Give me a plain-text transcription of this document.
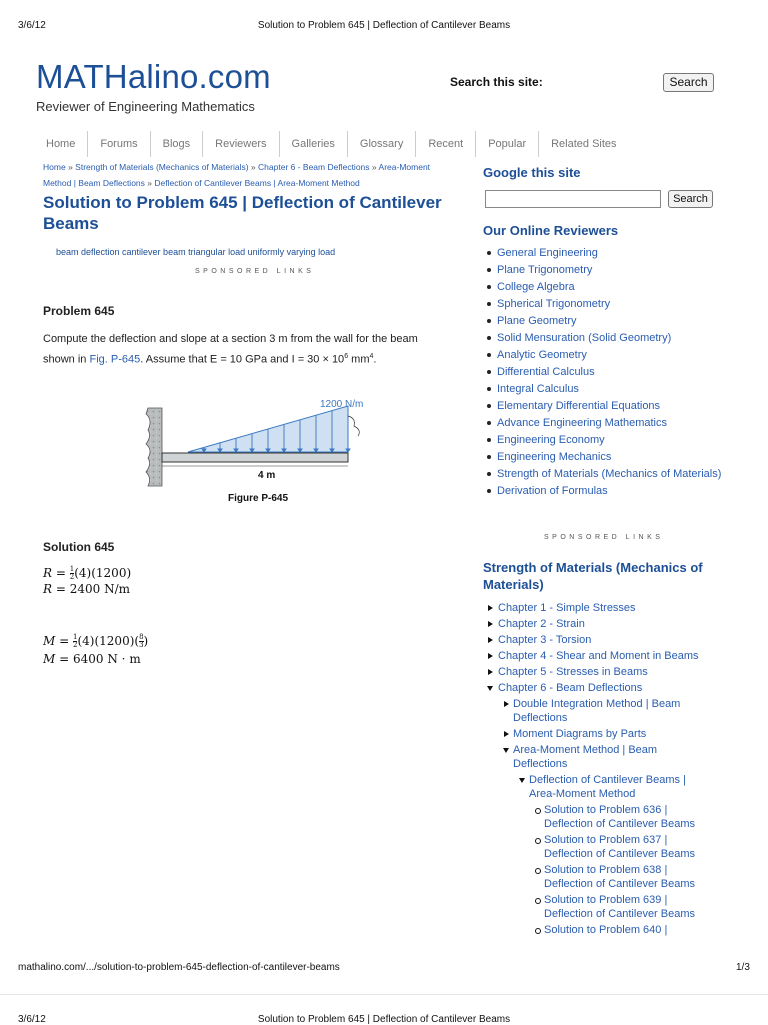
3/6/12	Solution to Problem 645 | Deflection of Cantilever Beams
MATHalino.com
Reviewer of Engineering Mathematics
Search this site:	Search
Home	Forums	Blogs	Reviewers	Galleries	Glossary	Recent	Popular	Related Sites
Home » Strength of Materials (Mechanics of Materials) » Chapter 6 - Beam Deflections » Area-Moment Method | Beam Deflections » Deflection of Cantilever Beams | Area-Moment Method
Solution to Problem 645 | Deflection of Cantilever Beams
beam deflection cantilever beam triangular load uniformly varying load
SPONSORED LINKS
Problem 645
Compute the deflection and slope at a section 3 m from the wall for the beam shown in Fig. P-645. Assume that E = 10 GPa and $I = 30 \times 10^6$ $mm^4$.
1200 N/m
4 m
Figure P-645
Solution 645
$R = \frac{1}{2} (4)(1200)$
R = 2400 N/m
$M = \frac{1}{2} (4)(1200)( \frac{8}{3}$ )
M = 6400 N · m
Google this site
Search
Our Online Reviewers
General Engineering
Plane Trigonometry
College Algebra
Spherical Trigonometry
Plane Geometry
Solid Mensuration (Solid Geometry)
Analytic Geometry
Differential Calculus
Integral Calculus
Elementary Differential Equations
Advance Engineering Mathematics
Engineering Economy
Engineering Mechanics
Strength of Materials (Mechanics of Materials)
Derivation of Formulas
SPONSORED LINKS
Strength of Materials (Mechanics of Materials)
Chapter 1 - Simple Stresses
Chapter 2 - Strain
Chapter 3 - Torsion
Chapter 4 - Shear and Moment in Beams
Chapter 5 - Stresses in Beams
Chapter 6 - Beam Deflections
Double Integration Method | Beam Deflections
Moment Diagrams by Parts
Area-Moment Method | Beam Deflections
Deflection of Cantilever Beams | Area-Moment Method
Solution to Problem 636 | Deflection of Cantilever Beams
Solution to Problem 637 | Deflection of Cantilever Beams
Solution to Problem 638 | Deflection of Cantilever Beams
Solution to Problem 639 | Deflection of Cantilever Beams
Solution to Problem 640 |
mathalino.com/.../solution-to-problem-645-deflection-of-cantilever-beams	1/3
3/6/12	Solution to Problem 645 | Deflection of Cantilever Beams
